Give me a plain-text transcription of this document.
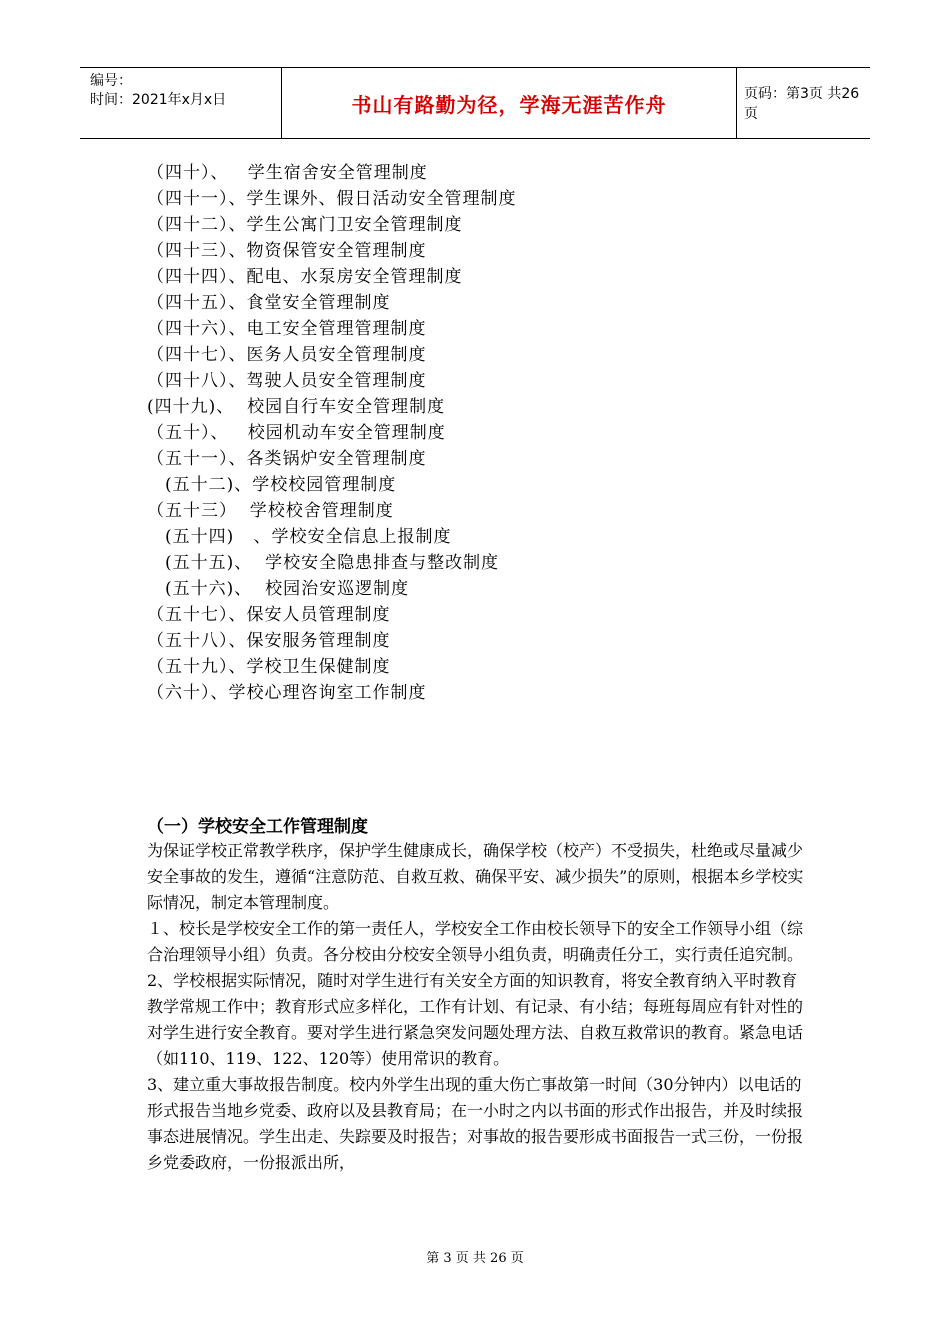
编号：
时间：2021年x月x日	书山有路勤为径，学海无涯苦作舟	页码：第3页 共26页
（四十）、   学生宿舍安全管理制度
（四十一）、学生课外、假日活动安全管理制度
（四十二）、学生公寓门卫安全管理制度
（四十三）、物资保管安全管理制度
（四十四）、配电、水泵房安全管理制度
（四十五）、食堂安全管理制度
（四十六）、电工安全管理管理制度
（四十七）、医务人员安全管理制度
（四十八）、驾驶人员安全管理制度
(四十九)、  校园自行车安全管理制度
（五十）、   校园机动车安全管理制度
（五十一）、各类锅炉安全管理制度
(五十二)、学校校园管理制度
（五十三）  学校校舍管理制度
(五十四)   、学校安全信息上报制度
(五十五)、  学校安全隐患排查与整改制度
(五十六)、  校园治安巡逻制度
（五十七）、保安人员管理制度
（五十八）、保安服务管理制度
（五十九）、学校卫生保健制度
（六十）、学校心理咨询室工作制度
（一）学校安全工作管理制度

为保证学校正常教学秩序，保护学生健康成长，确保学校（校产）不受损失，杜绝或尽量减少安全事故的发生，遵循“注意防范、自救互救、确保平安、减少损失”的原则，根据本乡学校实际情况，制定本管理制度。

１、校长是学校安全工作的第一责任人，学校安全工作由校长领导下的安全工作领导小组（综合治理领导小组）负责。各分校由分校安全领导小组负责，明确责任分工，实行责任追究制。

2、学校根据实际情况，随时对学生进行有关安全方面的知识教育，将安全教育纳入平时教育教学常规工作中；教育形式应多样化，工作有计划、有记录、有小结；每班每周应有针对性的对学生进行安全教育。要对学生进行紧急突发问题处理方法、自救互救常识的教育。紧急电话（如110、119、122、120等）使用常识的教育。

3、建立重大事故报告制度。校内外学生出现的重大伤亡事故第一时间（30分钟内）以电话的形式报告当地乡党委、政府以及县教育局；在一小时之内以书面的形式作出报告，并及时续报事态进展情况。学生出走、失踪要及时报告；对事故的报告要形成书面报告一式三份，一份报乡党委政府，一份报派出所，

第 3 页 共 26 页
